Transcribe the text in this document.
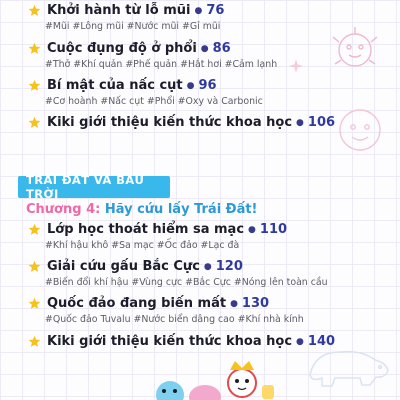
Khởi hành từ lỗ mũi ● 76
#Mũi #Lông mũi #Nước mũi #Gỉ mũi
Cuộc đụng độ ở phổi ● 86
#Thở #Khí quản #Phế quản #Hắt hơi #Cảm lạnh
Bí mật của nấc cụt ● 96
#Cơ hoành #Nấc cụt #Phổi #Oxy và Carbonic
Kiki giới thiệu kiến thức khoa học ● 106
TRÁI ĐẤT VÀ BẦU TRỜI
Chương 4: Hãy cứu lấy Trái Đất!
Lớp học thoát hiểm sa mạc ● 110
#Khí hậu khô #Sa mạc #Ốc đảo #Lạc đà
Giải cứu gấu Bắc Cực ● 120
#Biến đổi khí hậu #Vùng cực #Bắc Cực #Nóng lên toàn cầu
Quốc đảo đang biến mất ● 130
#Quốc đảo Tuvalu #Nước biển dâng cao #Khí nhà kính
Kiki giới thiệu kiến thức khoa học ● 140
